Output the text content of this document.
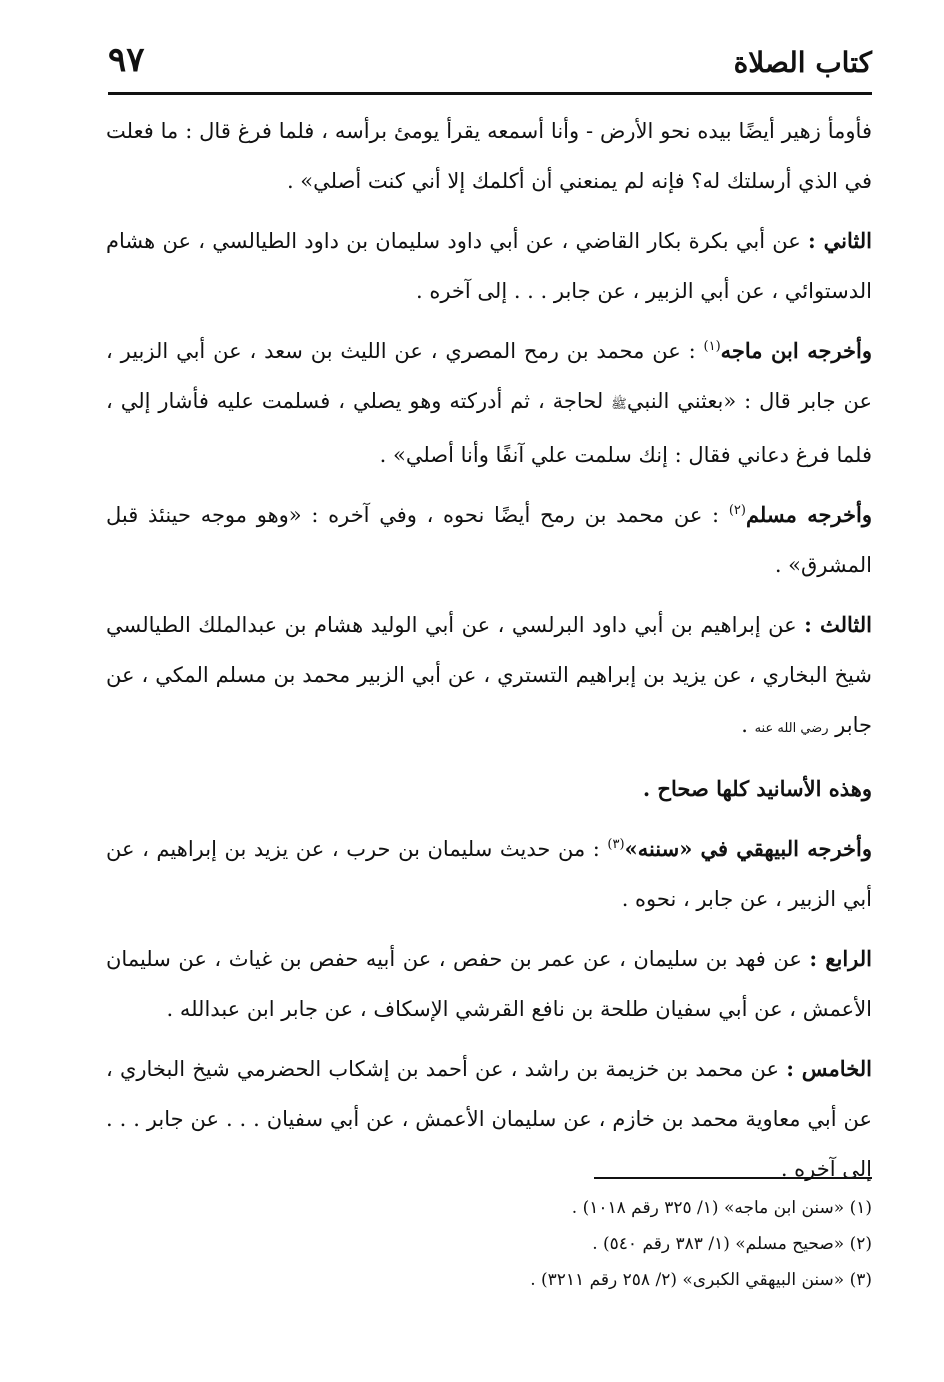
كتاب الصلاة
٩٧

فأومأ زهير أيضًا بيده نحو الأرض - وأنا أسمعه يقرأ يومئ برأسه ، فلما فرغ قال : ما فعلت في الذي أرسلتك له؟ فإنه لم يمنعني أن أكلمك إلا أني كنت أصلي» .

الثاني : عن أبي بكرة بكار القاضي ، عن أبي داود سليمان بن داود الطيالسي ، عن هشام الدستوائي ، عن أبي الزبير ، عن جابر . . . إلى آخره .

وأخرجه ابن ماجه$^{(١)}$ : عن محمد بن رمح المصري ، عن الليث بن سعد ، عن أبي الزبير ، عن جابر قال : «بعثني النبيﷺ لحاجة ، ثم أدركته وهو يصلي ، فسلمت عليه فأشار إلي ، فلما فرغ دعاني فقال : إنك سلمت علي آنفًا وأنا أصلي» .

وأخرجه مسلم$^{(٢)}$ : عن محمد بن رمح أيضًا نحوه ، وفي آخره : «وهو موجه حينئذ قبل المشرق» .

الثالث : عن إبراهيم بن أبي داود البرلسي ، عن أبي الوليد هشام بن عبدالملك الطيالسي شيخ البخاري ، عن يزيد بن إبراهيم التستري ، عن أبي الزبير محمد بن مسلم المكي ، عن جابر رضي الله عنه .

وهذه الأسانيد كلها صحاح .

وأخرجه البيهقي في «سننه»$^{(٣)}$ : من حديث سليمان بن حرب ، عن يزيد بن إبراهيم ، عن أبي الزبير ، عن جابر ، نحوه .

الرابع : عن فهد بن سليمان ، عن عمر بن حفص ، عن أبيه حفص بن غياث ، عن سليمان الأعمش ، عن أبي سفيان طلحة بن نافع القرشي الإسكاف ، عن جابر ابن عبدالله .

الخامس : عن محمد بن خزيمة بن راشد ، عن أحمد بن إشكاب الحضرمي شيخ البخاري ، عن أبي معاوية محمد بن خازم ، عن سليمان الأعمش ، عن أبي سفيان . . . عن جابر . . . إلى آخره .

(١) «سنن ابن ماجه» (١/ ٣٢٥ رقم ١٠١٨) .
(٢) «صحيح مسلم» (١/ ٣٨٣ رقم ٥٤٠) .
(٣) «سنن البيهقي الكبرى» (٢/ ٢٥٨ رقم ٣٢١١) .
